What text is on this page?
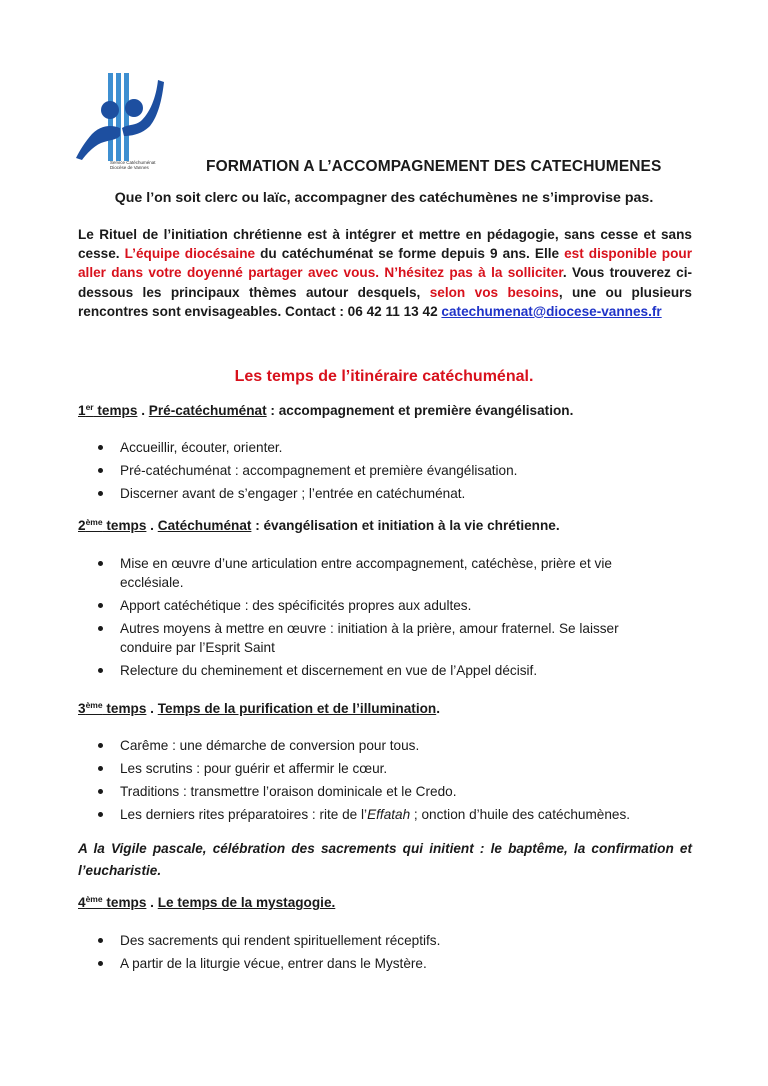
Service Catéchuménat
Diocèse de Vannes	FORMATION A L’ACCOMPAGNEMENT DES CATECHUMENES
Que l’on soit clerc ou laïc, accompagner des catéchumènes ne s’improvise pas.
Le Rituel de l’initiation chrétienne est à intégrer et mettre en pédagogie, sans cesse et sans cesse. L’équipe diocésaine du catéchuménat se forme depuis 9 ans. Elle est disponible pour aller dans votre doyenné partager avec vous. N’hésitez pas à la solliciter. Vous trouverez ci-dessous les principaux thèmes autour desquels, selon vos besoins, une ou plusieurs rencontres sont envisageables. Contact : 06 42 11 13 42 catechumenat@diocese-vannes.fr
Les temps de l’itinéraire catéchuménal.
1er temps . Pré-catéchuménat : accompagnement et première évangélisation.
Accueillir, écouter, orienter.
Pré-catéchuménat : accompagnement et première évangélisation.
Discerner avant de s’engager ; l’entrée en catéchuménat.
2ème temps . Catéchuménat : évangélisation et initiation à la vie chrétienne.
Mise en œuvre d’une articulation entre accompagnement, catéchèse, prière et vie ecclésiale.
Apport catéchétique : des spécificités propres aux adultes.
Autres moyens à mettre en œuvre : initiation à la prière, amour fraternel. Se laisser conduire par l’Esprit Saint
Relecture du cheminement et discernement en vue de l’Appel décisif.
3ème temps . Temps de la purification et de l’illumination.
Carême : une démarche de conversion pour tous.
Les scrutins : pour guérir et affermir le cœur.
Traditions : transmettre l’oraison dominicale et le Credo.
Les derniers rites préparatoires : rite de l’Effatah ; onction d’huile des catéchumènes.
A la Vigile pascale, célébration des sacrements qui initient : le baptême, la confirmation et l’eucharistie.
4ème temps . Le temps de la mystagogie.
Des sacrements qui rendent spirituellement réceptifs.
A partir de la liturgie vécue, entrer dans le Mystère.
